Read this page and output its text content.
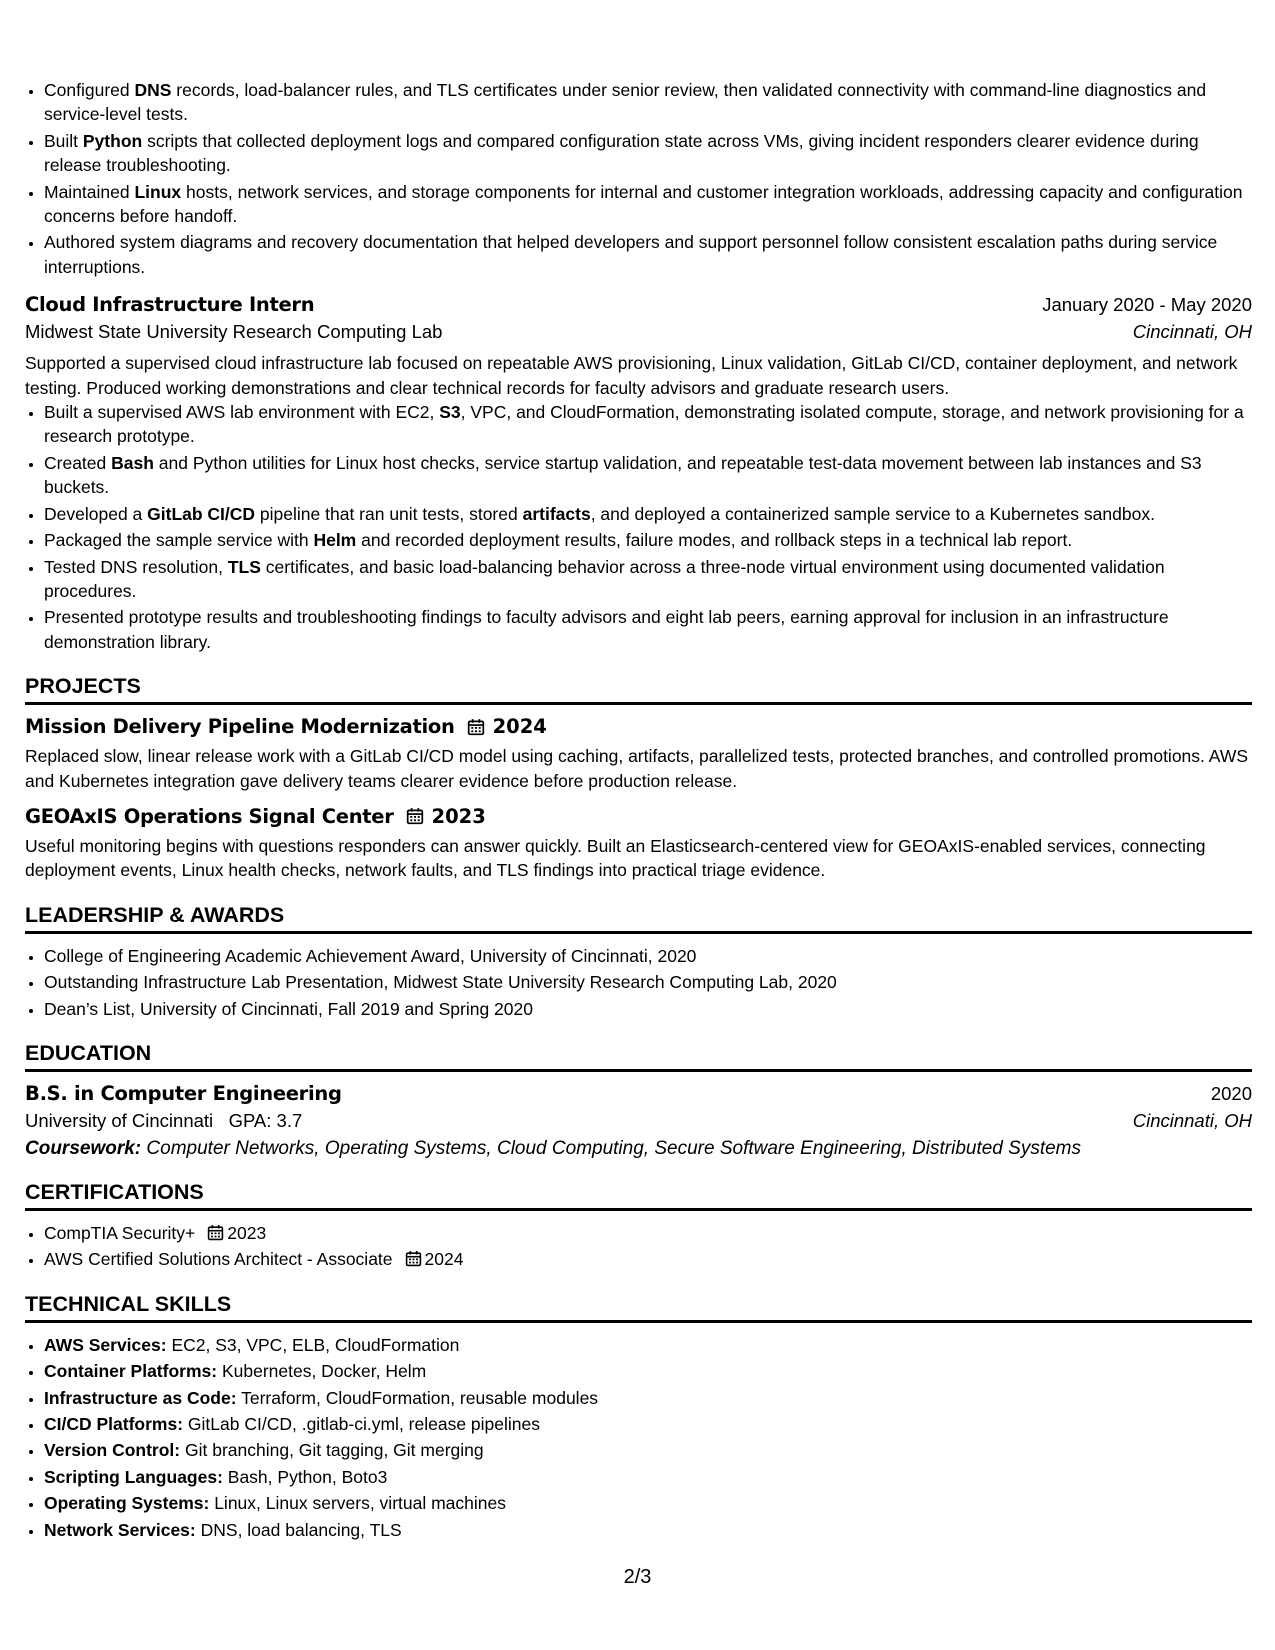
• Configured DNS records, load-balancer rules, and TLS certificates under senior review, then validated connectivity with command-line diagnostics and service-level tests.
• Built Python scripts that collected deployment logs and compared configuration state across VMs, giving incident responders clearer evidence during release troubleshooting.
• Maintained Linux hosts, network services, and storage components for internal and customer integration workloads, addressing capacity and configuration concerns before handoff.
• Authored system diagrams and recovery documentation that helped developers and support personnel follow consistent escalation paths during service interruptions.
Cloud Infrastructure Intern	January 2020 - May 2020
Midwest State University Research Computing Lab	Cincinnati, OH
Supported a supervised cloud infrastructure lab focused on repeatable AWS provisioning, Linux validation, GitLab CI/CD, container deployment, and network testing. Produced working demonstrations and clear technical records for faculty advisors and graduate research users.
• Built a supervised AWS lab environment with EC2, S3, VPC, and CloudFormation, demonstrating isolated compute, storage, and network provisioning for a research prototype.
• Created Bash and Python utilities for Linux host checks, service startup validation, and repeatable test-data movement between lab instances and S3 buckets.
• Developed a GitLab CI/CD pipeline that ran unit tests, stored artifacts, and deployed a containerized sample service to a Kubernetes sandbox.
• Packaged the sample service with Helm and recorded deployment results, failure modes, and rollback steps in a technical lab report.
• Tested DNS resolution, TLS certificates, and basic load-balancing behavior across a three-node virtual environment using documented validation procedures.
• Presented prototype results and troubleshooting findings to faculty advisors and eight lab peers, earning approval for inclusion in an infrastructure demonstration library.
PROJECTS
Mission Delivery Pipeline Modernization 2024
Replaced slow, linear release work with a GitLab CI/CD model using caching, artifacts, parallelized tests, protected branches, and controlled promotions. AWS and Kubernetes integration gave delivery teams clearer evidence before production release.
GEOAxIS Operations Signal Center 2023
Useful monitoring begins with questions responders can answer quickly. Built an Elasticsearch-centered view for GEOAxIS-enabled services, connecting deployment events, Linux health checks, network faults, and TLS findings into practical triage evidence.
LEADERSHIP & AWARDS
• College of Engineering Academic Achievement Award, University of Cincinnati, 2020
• Outstanding Infrastructure Lab Presentation, Midwest State University Research Computing Lab, 2020
• Dean’s List, University of Cincinnati, Fall 2019 and Spring 2020
EDUCATION
B.S. in Computer Engineering	2020
University of Cincinnati GPA: 3.7	Cincinnati, OH
Coursework: Computer Networks, Operating Systems, Cloud Computing, Secure Software Engineering, Distributed Systems
CERTIFICATIONS
• CompTIA Security+ 2023
• AWS Certified Solutions Architect - Associate 2024
TECHNICAL SKILLS
• AWS Services: EC2, S3, VPC, ELB, CloudFormation
• Container Platforms: Kubernetes, Docker, Helm
• Infrastructure as Code: Terraform, CloudFormation, reusable modules
• CI/CD Platforms: GitLab CI/CD, .gitlab-ci.yml, release pipelines
• Version Control: Git branching, Git tagging, Git merging
• Scripting Languages: Bash, Python, Boto3
• Operating Systems: Linux, Linux servers, virtual machines
• Network Services: DNS, load balancing, TLS
2/3
